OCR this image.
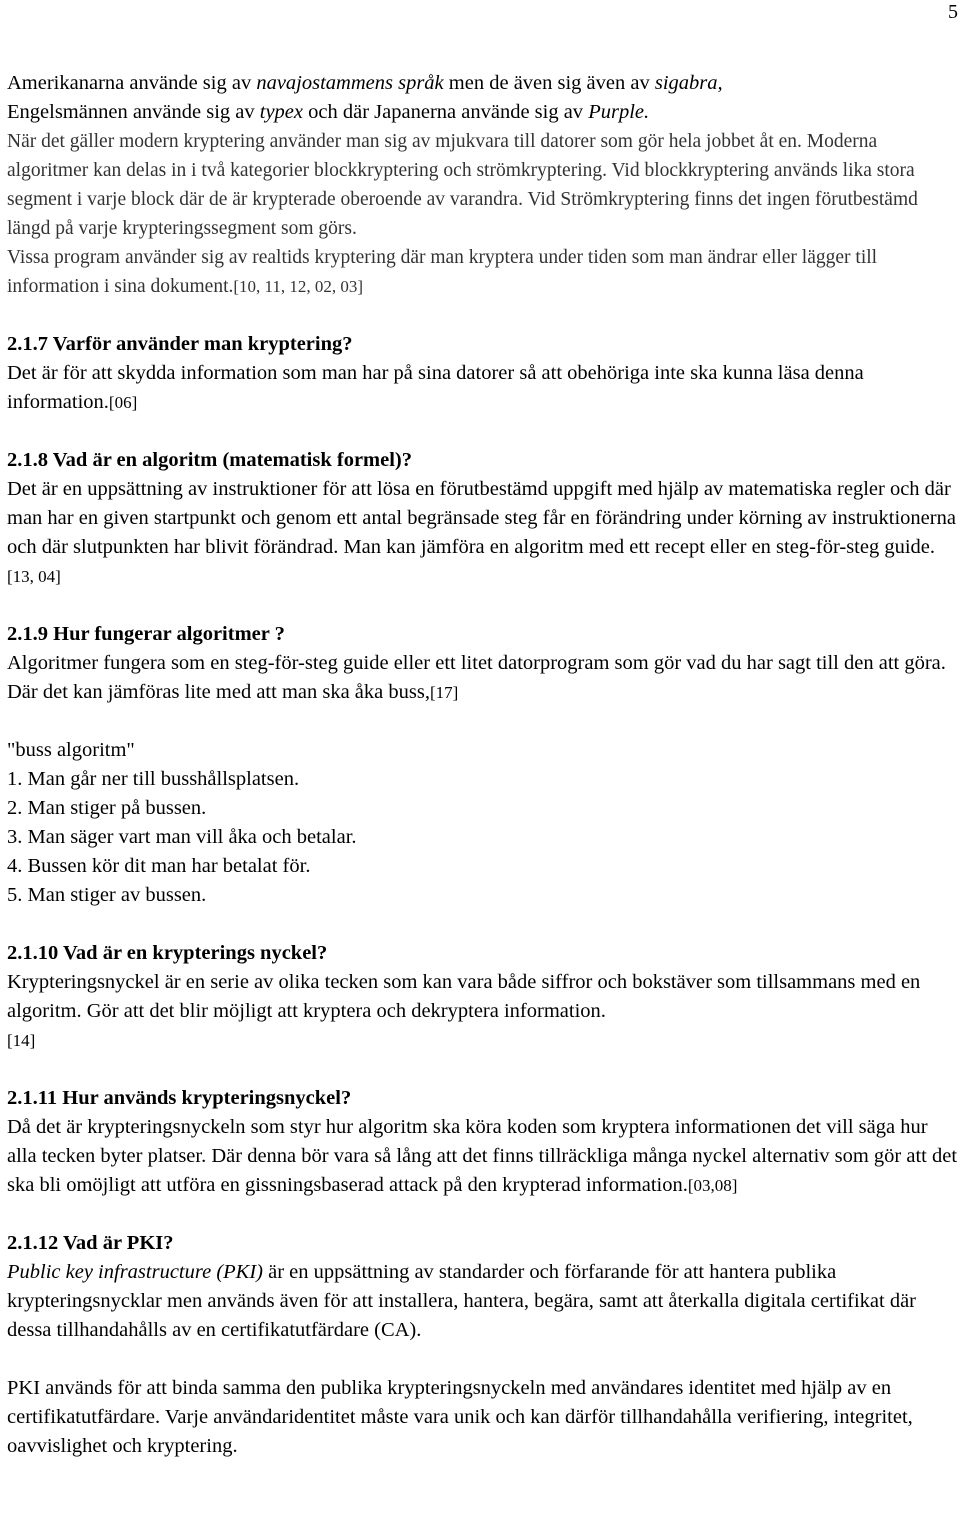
5

Amerikanarna använde sig av navajostammens språk men de även sig även av sigabra,
Engelsmännen använde sig av typex och där Japanerna använde sig av Purple.

När det gäller modern kryptering använder man sig av mjukvara till datorer som gör hela jobbet åt en. Moderna algoritmer kan delas in i två kategorier blockkryptering och strömkryptering. Vid blockkryptering används lika stora segment i varje block där de är krypterade oberoende av varandra. Vid Strömkryptering finns det ingen förutbestämd längd på varje krypteringssegment som görs.

Vissa program använder sig av realtids kryptering där man kryptera under tiden som man ändrar eller lägger till information i sina dokument.[10, 11, 12, 02, 03]

2.1.7 Varför använder man kryptering?

Det är för att skydda information som man har på sina datorer så att obehöriga inte ska kunna läsa denna information.[06]

2.1.8 Vad är en algoritm (matematisk formel)?

Det är en uppsättning av instruktioner för att lösa en förutbestämd uppgift med hjälp av matematiska regler och där man har en given startpunkt och genom ett antal begränsade steg får en förändring under körning av instruktionerna och där slutpunkten har blivit förändrad. Man kan jämföra en algoritm med ett recept eller en steg-för-steg guide.[13, 04]

2.1.9 Hur fungerar algoritmer ?

Algoritmer fungera som en steg-för-steg guide eller ett litet datorprogram som gör vad du har sagt till den att göra. Där det kan jämföras lite med att man ska åka buss,[17]

"buss algoritm"

1. Man går ner till busshållsplatsen.

2. Man stiger på bussen.

3. Man säger vart man vill åka och betalar.

4. Bussen kör dit man har betalat för.

5. Man stiger av bussen.

2.1.10 Vad är en krypterings nyckel?

Krypteringsnyckel är en serie av olika tecken som kan vara både siffror och bokstäver som tillsammans med en algoritm. Gör att det blir möjligt att kryptera och dekryptera information.
[14]

2.1.11 Hur används krypteringsnyckel?

Då det är krypteringsnyckeln som styr hur algoritm ska köra koden som kryptera informationen det vill säga hur alla tecken byter platser. Där denna bör vara så lång att det finns tillräckliga många nyckel alternativ som gör att det ska bli omöjligt att utföra en gissningsbaserad attack på den krypterad information.[03,08]

2.1.12 Vad är PKI?

Public key infrastructure (PKI) är en uppsättning av standarder och förfarande för att hantera publika krypteringsnycklar men används även för att installera, hantera, begära, samt att återkalla digitala certifikat där dessa tillhandahålls av en certifikatutfärdare (CA).

PKI används för att binda samma den publika krypteringsnyckeln med användares identitet med hjälp av en certifikatutfärdare. Varje användaridentitet måste vara unik och kan därför tillhandahålla verifiering, integritet, oavvislighet och kryptering.
